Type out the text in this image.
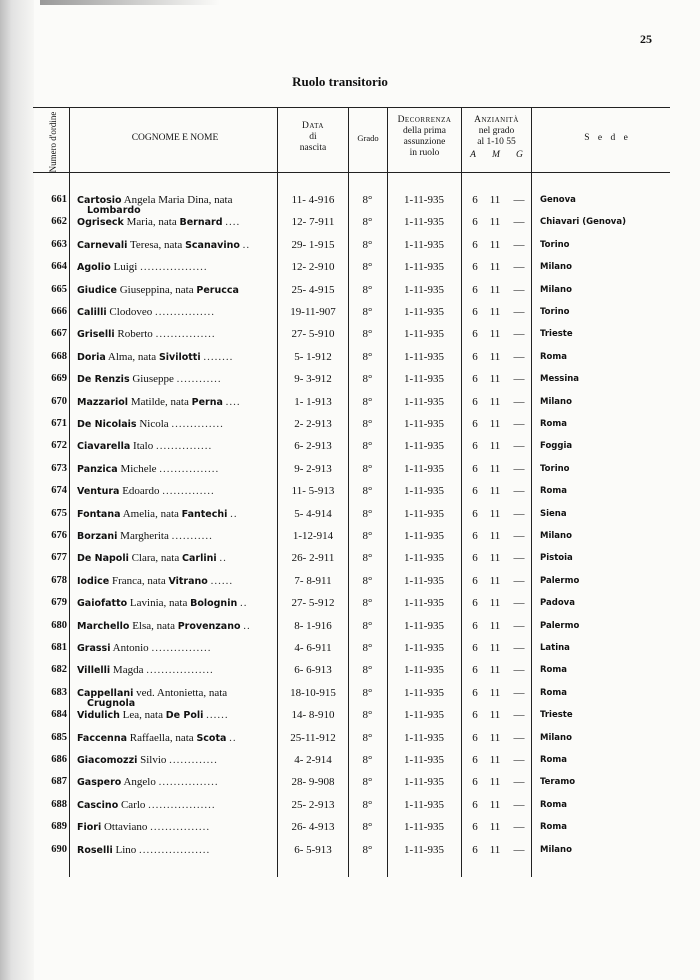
25
Ruolo transitorio
Numero d'ordine	COGNOME E NOME
Data
di
nascita
Grado
Decorrenza
della prima
assunzione
in ruolo
Anzianità
nel grado
al 1-10 55
A M G
S e d e
661 Cartosio Angela Maria Dina, nata
Lombardo
11- 4-916	8°	1-11-935	6	11	—	Genova
662 Ogriseck Maria, nata Bernard ....	12- 7-911	8°	1-11-935	6	11	—	Chiavari (Genova)
663 Carnevali Teresa, nata Scanavino ..	29- 1-915	8°	1-11-935	6	11	—	Torino
664 Agolio Luigi ..................	12- 2-910	8°	1-11-935	6	11	—	Milano
665 Giudice Giuseppina, nata Perucca	25- 4-915	8°	1-11-935	6	11	—	Milano
666 Calilli Clodoveo ................	19-11-907	8°	1-11-935	6	11	—	Torino
667 Griselli Roberto ................	27- 5-910	8°	1-11-935	6	11	—	Trieste
668 Doria Alma, nata Sivilotti ........	5- 1-912	8°	1-11-935	6	11	—	Roma
669 De Renzis Giuseppe ............	9- 3-912	8°	1-11-935	6	11	—	Messina
670 Mazzariol Matilde, nata Perna ....	1- 1-913	8°	1-11-935	6	11	—	Milano
671 De Nicolais Nicola ..............	2- 2-913	8°	1-11-935	6	11	—	Roma
672 Ciavarella Italo ...............	6- 2-913	8°	1-11-935	6	11	—	Foggia
673 Panzica Michele ................	9- 2-913	8°	1-11-935	6	11	—	Torino
674 Ventura Edoardo ..............	11- 5-913	8°	1-11-935	6	11	—	Roma
675 Fontana Amelia, nata Fantechi ..	5- 4-914	8°	1-11-935	6	11	—	Siena
676 Borzani Margherita ...........	1-12-914	8°	1-11-935	6	11	—	Milano
677 De Napoli Clara, nata Carlini ..	26- 2-911	8°	1-11-935	6	11	—	Pistoia
678 Iodice Franca, nata Vitrano ......	7- 8-911	8°	1-11-935	6	11	—	Palermo
679 Gaiofatto Lavinia, nata Bolognin ..	27- 5-912	8°	1-11-935	6	11	—	Padova
680 Marchello Elsa, nata Provenzano ..	8- 1-916	8°	1-11-935	6	11	—	Palermo
681 Grassi Antonio ................	4- 6-911	8°	1-11-935	6	11	—	Latina
682 Villelli Magda ..................	6- 6-913	8°	1-11-935	6	11	—	Roma
683 Cappellani ved. Antonietta, nata
Crugnola
18-10-915	8°	1-11-935	6	11	—	Roma
684 Vidulich Lea, nata De Poli ......	14- 8-910	8°	1-11-935	6	11	—	Trieste
685 Faccenna Raffaella, nata Scota ..	25-11-912	8°	1-11-935	6	11	—	Milano
686 Giacomozzi Silvio .............	4- 2-914	8°	1-11-935	6	11	—	Roma
687 Gaspero Angelo ................	28- 9-908	8°	1-11-935	6	11	—	Teramo
688 Cascino Carlo ..................	25- 2-913	8°	1-11-935	6	11	—	Roma
689 Fiori Ottaviano ................	26- 4-913	8°	1-11-935	6	11	—	Roma
690 Roselli Lino ...................	6- 5-913	8°	1-11-935	6	11	—	Milano
